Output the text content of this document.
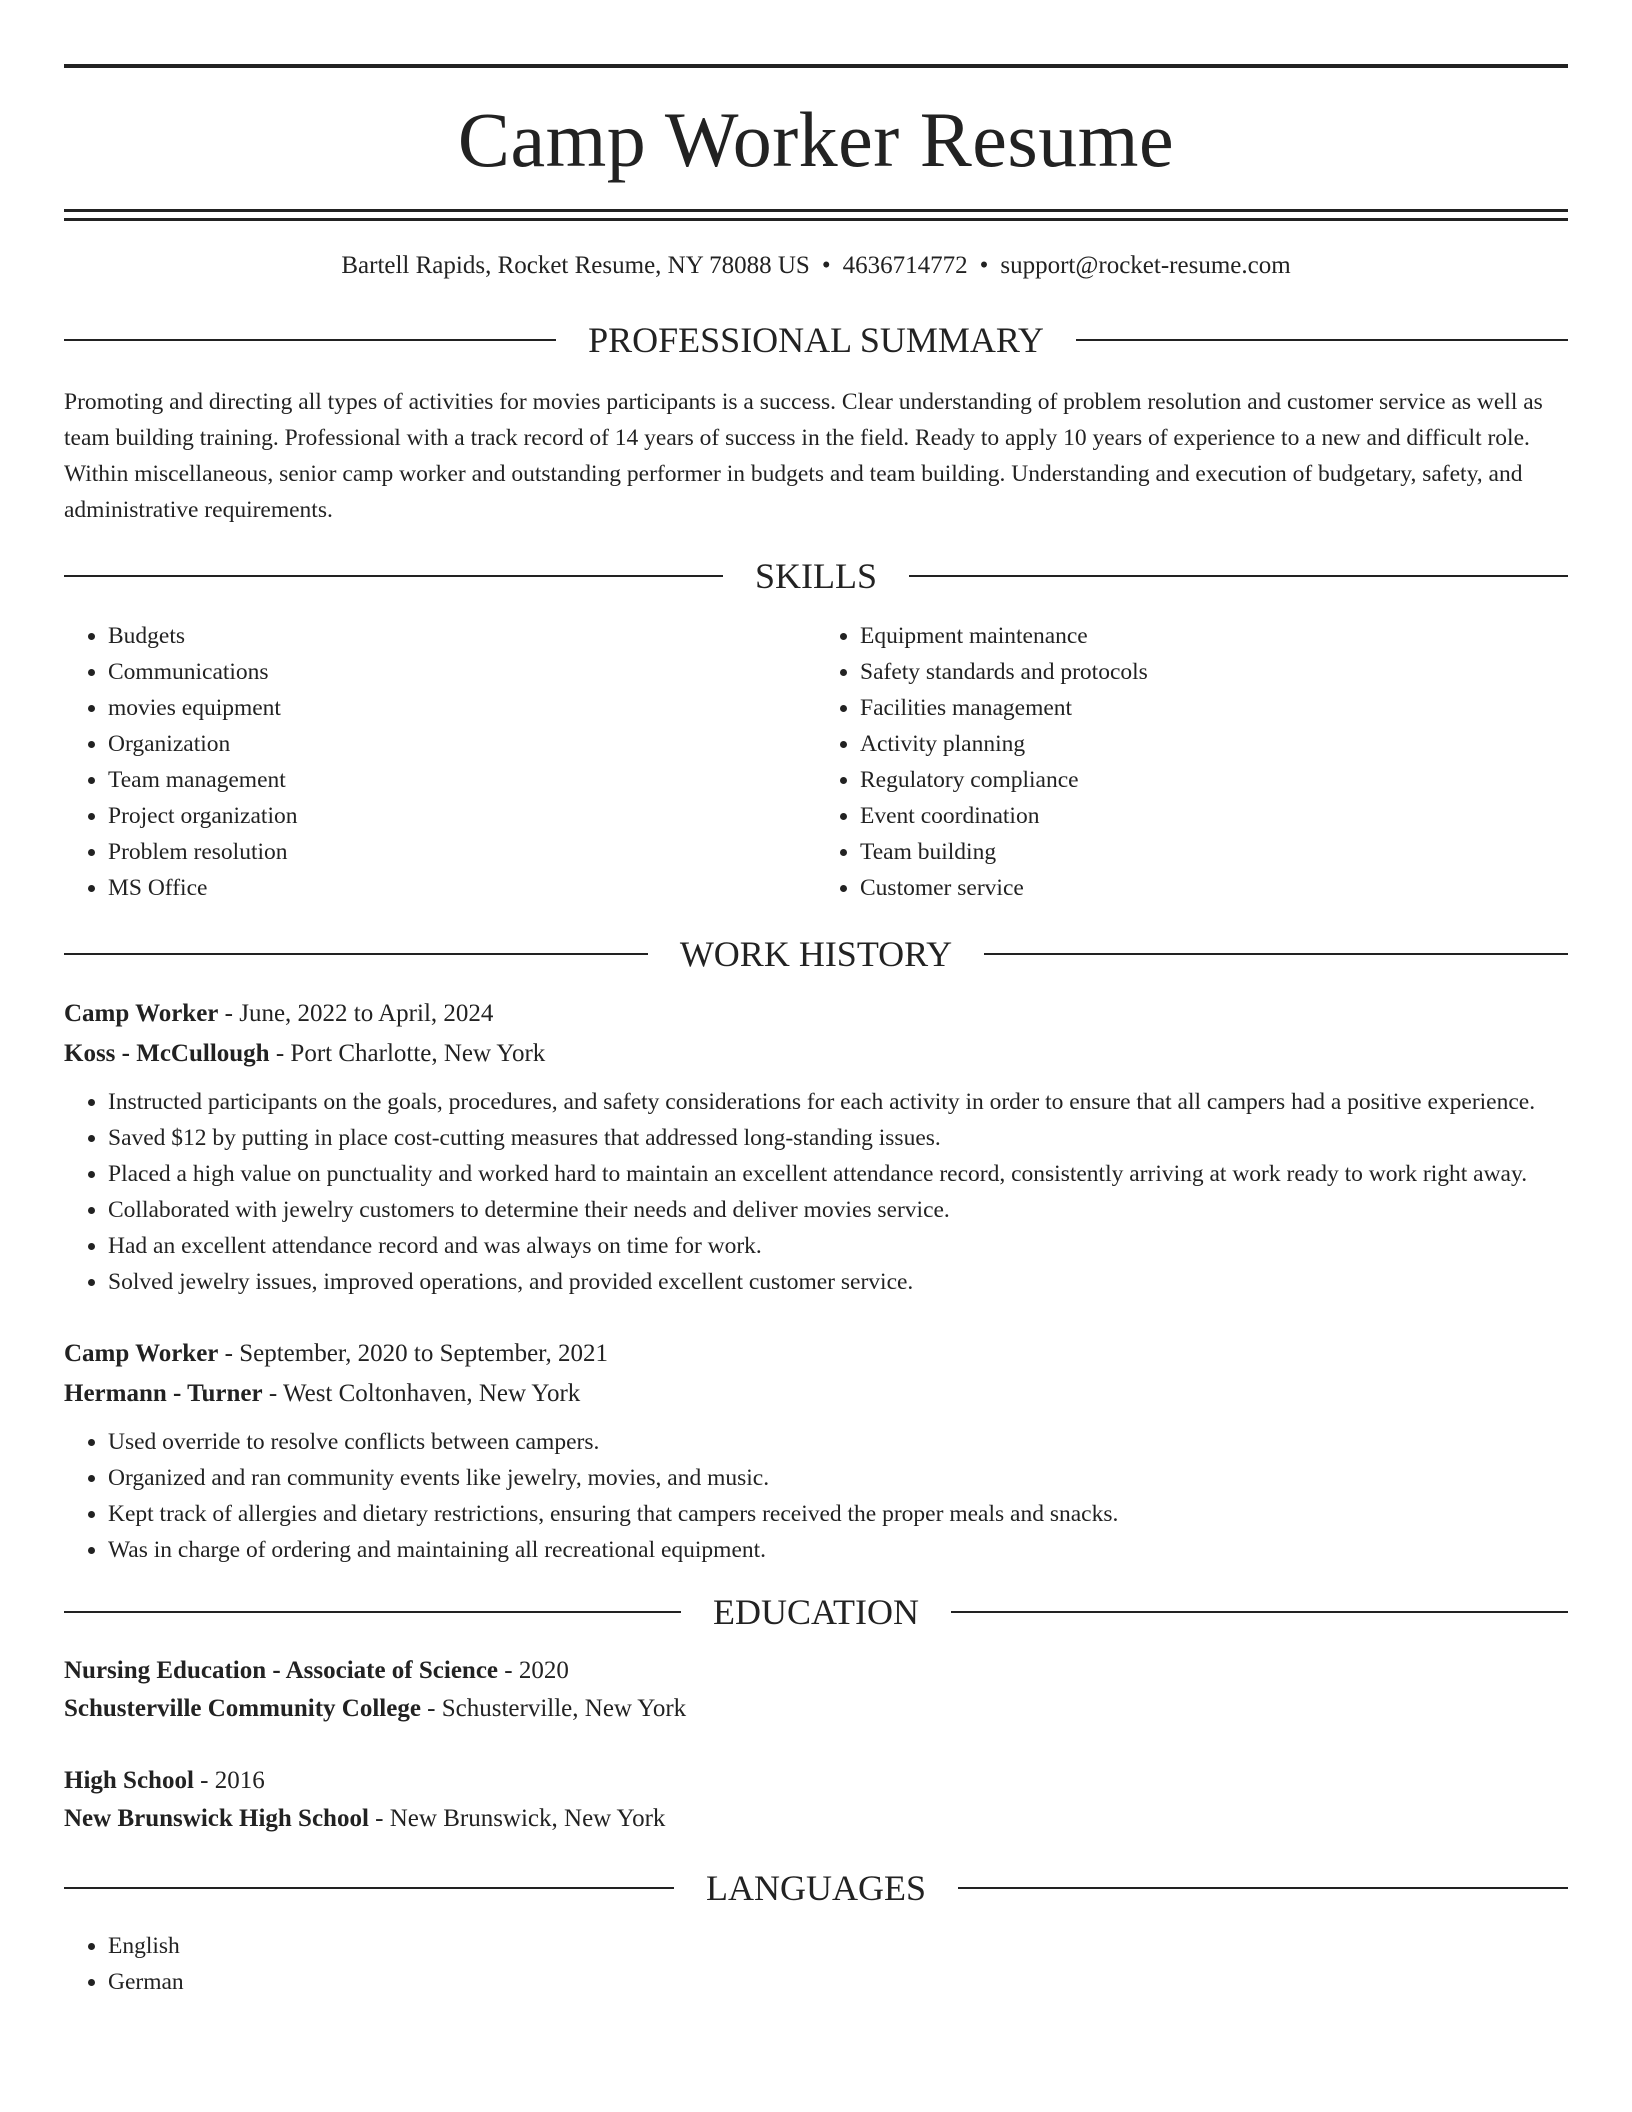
Camp Worker Resume
Bartell Rapids, Rocket Resume, NY 78088 US • 4636714772 • support@rocket-resume.com
PROFESSIONAL SUMMARY

Promoting and directing all types of activities for movies participants is a success. Clear understanding of problem resolution and customer service as well as team building training. Professional with a track record of 14 years of success in the field. Ready to apply 10 years of experience to a new and difficult role. Within miscellaneous, senior camp worker and outstanding performer in budgets and team building. Understanding and execution of budgetary, safety, and administrative requirements.

SKILLS
• Budgets
• Communications
• movies equipment
• Organization
• Team management
• Project organization
• Problem resolution
• MS Office
• Equipment maintenance
• Safety standards and protocols
• Facilities management
• Activity planning
• Regulatory compliance
• Event coordination
• Team building
• Customer service
WORK HISTORY
Camp Worker - June, 2022 to April, 2024
Koss - McCullough - Port Charlotte, New York
• Instructed participants on the goals, procedures, and safety considerations for each activity in order to ensure that all campers had a positive experience.
• Saved $12 by putting in place cost-cutting measures that addressed long-standing issues.
• Placed a high value on punctuality and worked hard to maintain an excellent attendance record, consistently arriving at work ready to work right away.
• Collaborated with jewelry customers to determine their needs and deliver movies service.
• Had an excellent attendance record and was always on time for work.
• Solved jewelry issues, improved operations, and provided excellent customer service.
Camp Worker - September, 2020 to September, 2021
Hermann - Turner - West Coltonhaven, New York
• Used override to resolve conflicts between campers.
• Organized and ran community events like jewelry, movies, and music.
• Kept track of allergies and dietary restrictions, ensuring that campers received the proper meals and snacks.
• Was in charge of ordering and maintaining all recreational equipment.
EDUCATION
Nursing Education - Associate of Science - 2020
Schusterville Community College - Schusterville, New York
High School - 2016
New Brunswick High School - New Brunswick, New York
LANGUAGES
• English
• German
